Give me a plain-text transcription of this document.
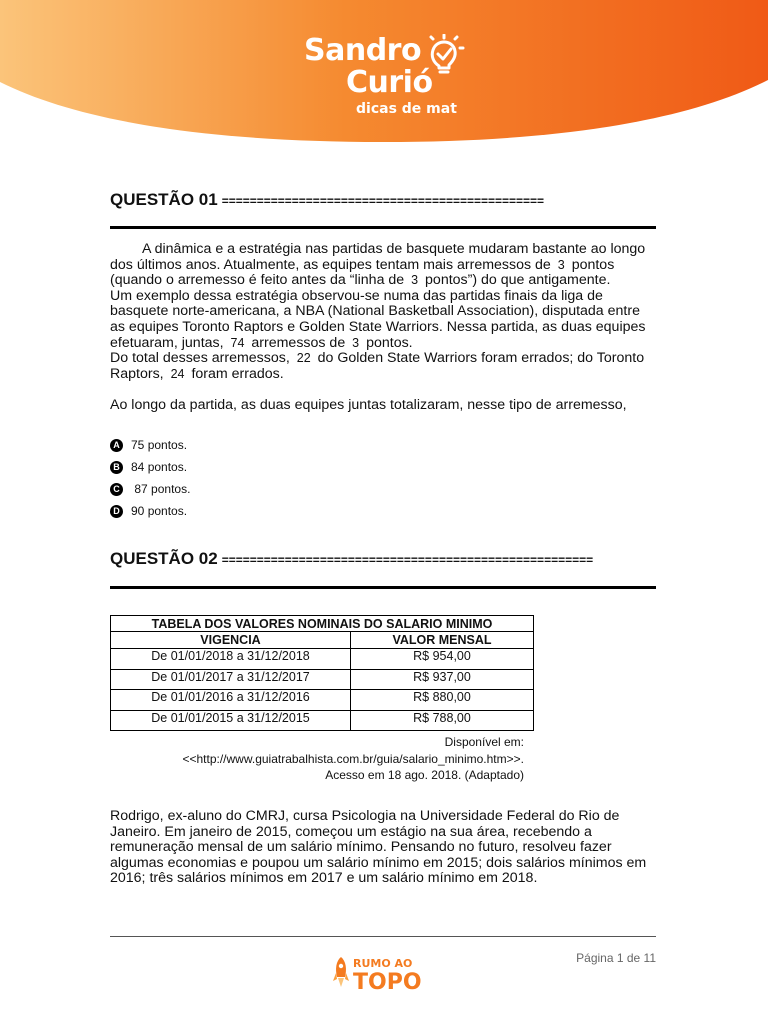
Sandro
Curió
dicas de mat
QUESTÃO 01 ==============================================

A dinâmica e a estratégia nas partidas de basquete mudaram bastante ao longo

dos últimos anos. Atualmente, as equipes tentam mais arremessos de 3 pontos

(quando o arremesso é feito antes da “linha de 3 pontos”) do que antigamente.

Um exemplo dessa estratégia observou-se numa das partidas finais da liga de

basquete norte-americana, a NBA (National Basketball Association), disputada entre

as equipes Toronto Raptors e Golden State Warriors. Nessa partida, as duas equipes

efetuaram, juntas, 74 arremessos de 3 pontos.

Do total desses arremessos, 22 do Golden State Warriors foram errados; do Toronto

Raptors, 24 foram errados.

Ao longo da partida, as duas equipes juntas totalizaram, nesse tipo de arremesso,
A 75
pontos.
B 84
pontos.
C
87
pontos.
D 90
pontos.
QUESTÃO 02 =====================================================
TABELA DOS VALORES NOMINAIS DO SALARIO MINIMO	
VIGENCIA	VALOR MENSAL
De 01/01/2018 a 31/12/2018	R$ 954,00
De 01/01/2017 a 31/12/2017	R$ 937,00
De 01/01/2016 a 31/12/2016	R$ 880,00
De 01/01/2015 a 31/12/2015	R$ 788,00
Disponível em:
<<http://www.guiatrabalhista.com.br/guia/salario_minimo.htm>>.
Acesso em 18 ago. 2018. (Adaptado)

Rodrigo, ex-aluno do CMRJ, cursa Psicologia na Universidade Federal do Rio de

Janeiro. Em janeiro de 2015, começou um estágio na sua área, recebendo a

remuneração mensal de um salário mínimo. Pensando no futuro, resolveu fazer

algumas economias e poupou um salário mínimo em 2015; dois salários mínimos em

2016; três salários mínimos em 2017 e um salário mínimo em 2018.

RUMO AO
TOPO
Página 1 de 11
